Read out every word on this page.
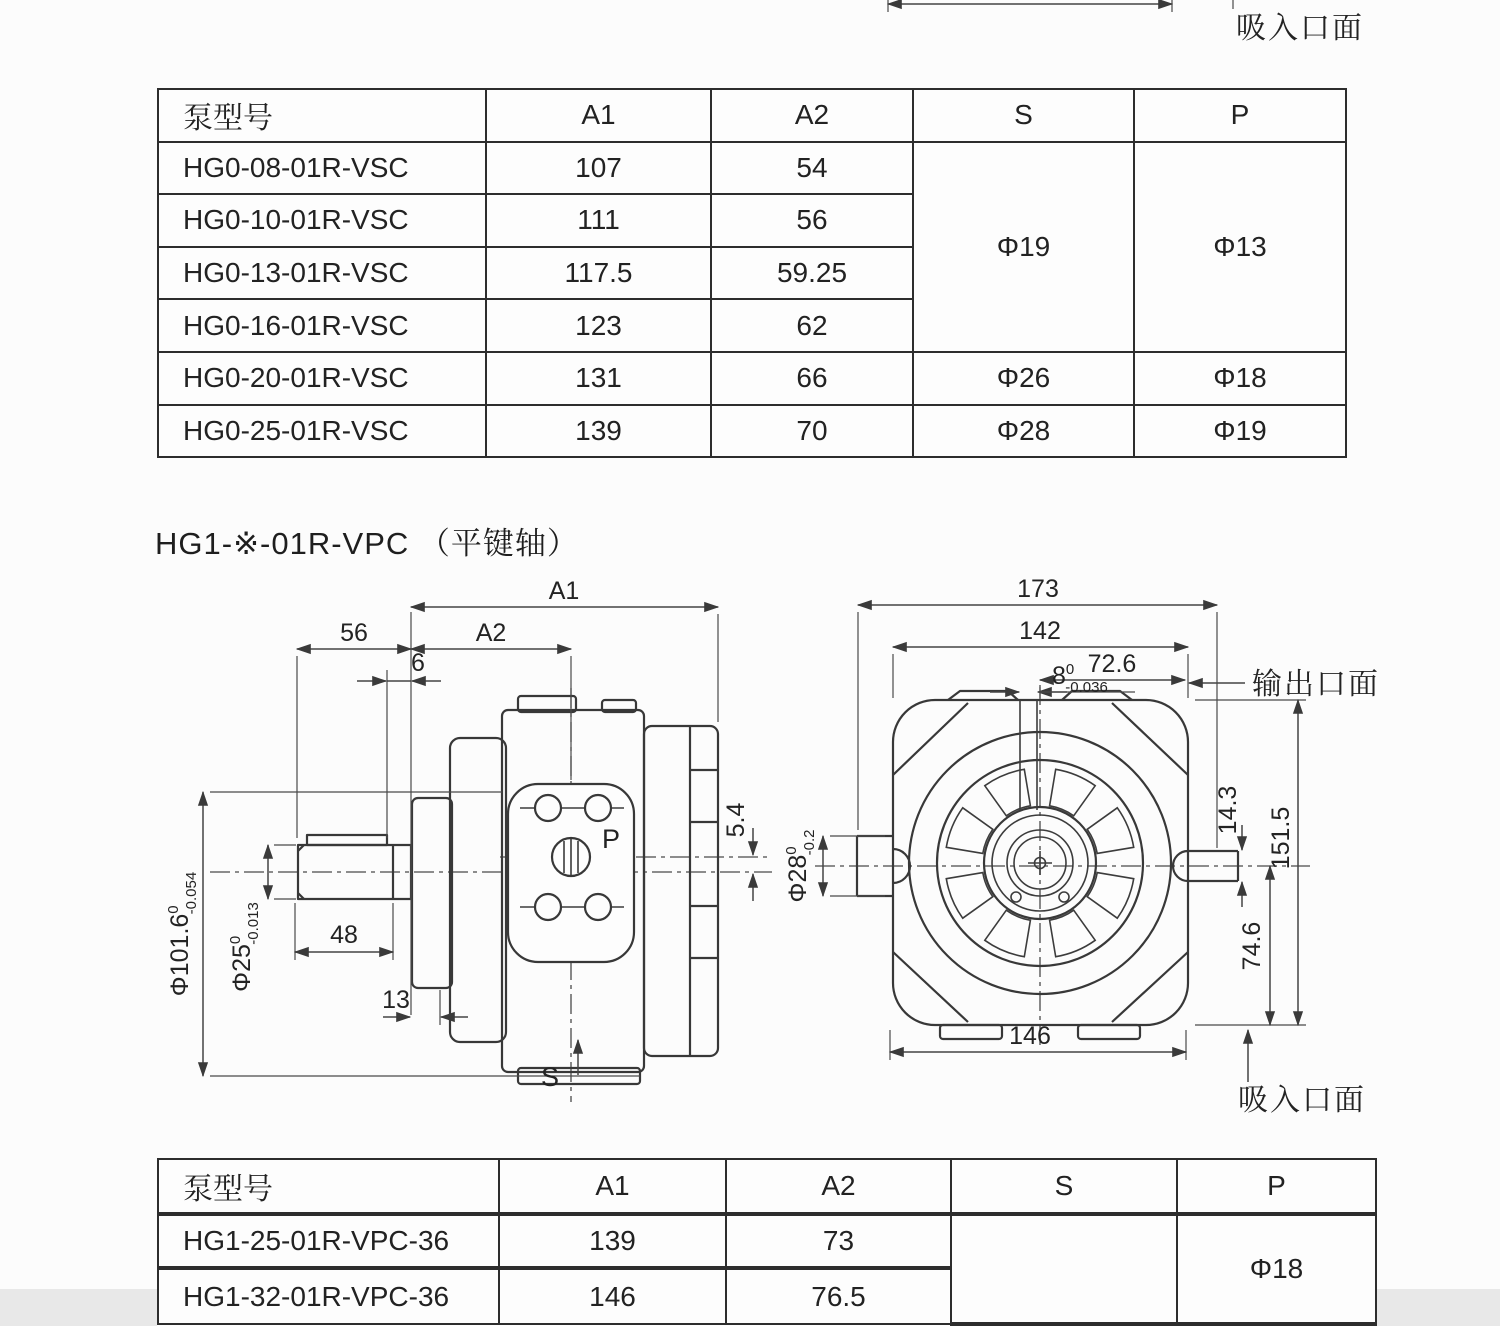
吸入口面
泵型号	A1	A2	S	P
HG0-08-01R-VSC	107	54	Φ19	Φ13
HG0-10-01R-VSC	111	56		
HG0-13-01R-VSC	117.5	59.25		
HG0-16-01R-VSC	123	62		
HG0-20-01R-VSC	131	66	Φ26	Φ18
HG0-25-01R-VSC	139	70	Φ28	Φ19
HG1-※-01R-VPC （平键轴）
P
A1
56	A2
6
Φ101.6$^0$-0.054
$\Phi 25^0-0.013$	48
13
5.4
S
173
142
72.6
$8^0$ -0.036	输出口面
$\Phi 28^0-0.2$
14.3 151.5
74.6
146
吸入口面
泵型号	A1	A2	S	P
HG1-25-01R-VPC-36	139	73		Φ18
HG1-32-01R-VPC-36	146	76.5		
